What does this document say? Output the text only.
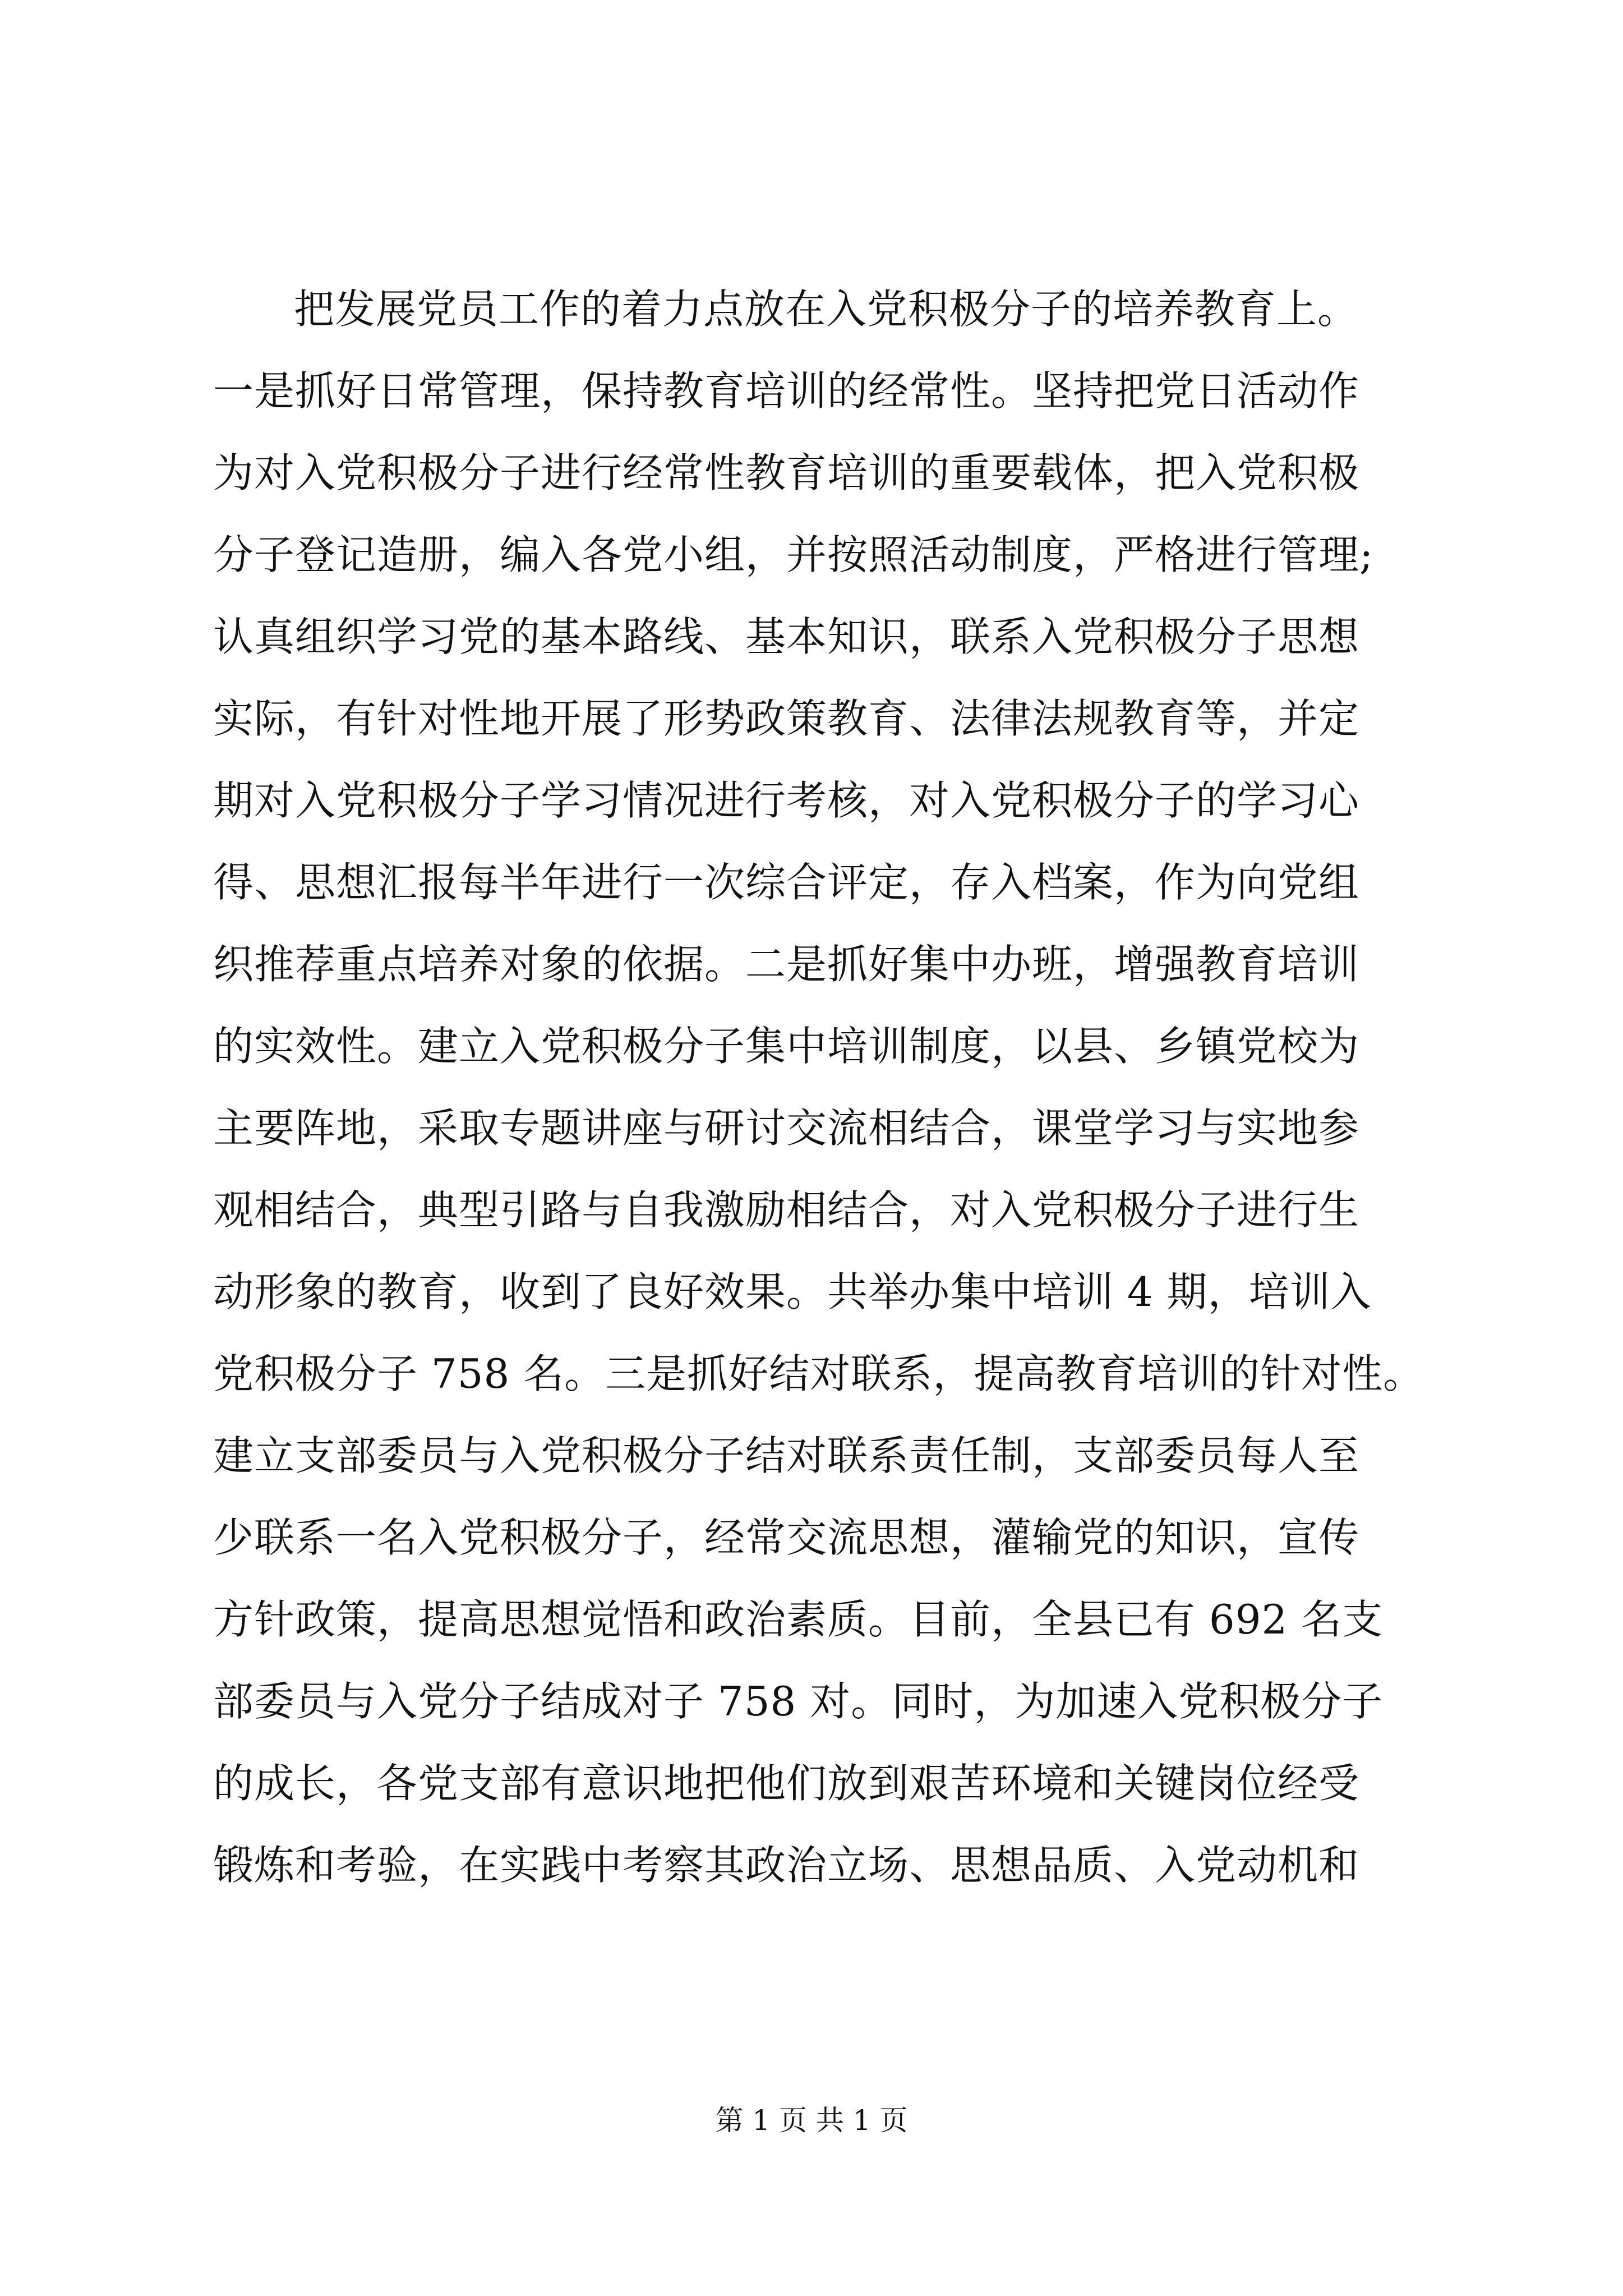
把发展党员工作的着力点放在入党积极分子的培养教育上。
一是抓好日常管理，保持教育培训的经常性。坚持把党日活动作
为对入党积极分子进行经常性教育培训的重要载体，把入党积极
分子登记造册，编入各党小组，并按照活动制度，严格进行管理;
认真组织学习党的基本路线、基本知识，联系入党积极分子思想
实际，有针对性地开展了形势政策教育、法律法规教育等，并定
期对入党积极分子学习情况进行考核，对入党积极分子的学习心
得、思想汇报每半年进行一次综合评定，存入档案，作为向党组
织推荐重点培养对象的依据。二是抓好集中办班，增强教育培训
的实效性。建立入党积极分子集中培训制度，以县、乡镇党校为
主要阵地，采取专题讲座与研讨交流相结合，课堂学习与实地参
观相结合，典型引路与自我激励相结合，对入党积极分子进行生
动形象的教育，收到了良好效果。共举办集中培训 4 期，培训入
党积极分子 758 名。三是抓好结对联系，提高教育培训的针对性。
建立支部委员与入党积极分子结对联系责任制，支部委员每人至
少联系一名入党积极分子，经常交流思想，灌输党的知识，宣传
方针政策，提高思想觉悟和政治素质。目前，全县已有 692 名支
部委员与入党分子结成对子 758 对。同时，为加速入党积极分子
的成长，各党支部有意识地把他们放到艰苦环境和关键岗位经受
锻炼和考验，在实践中考察其政治立场、思想品质、入党动机和
第 1 页 共 1 页
